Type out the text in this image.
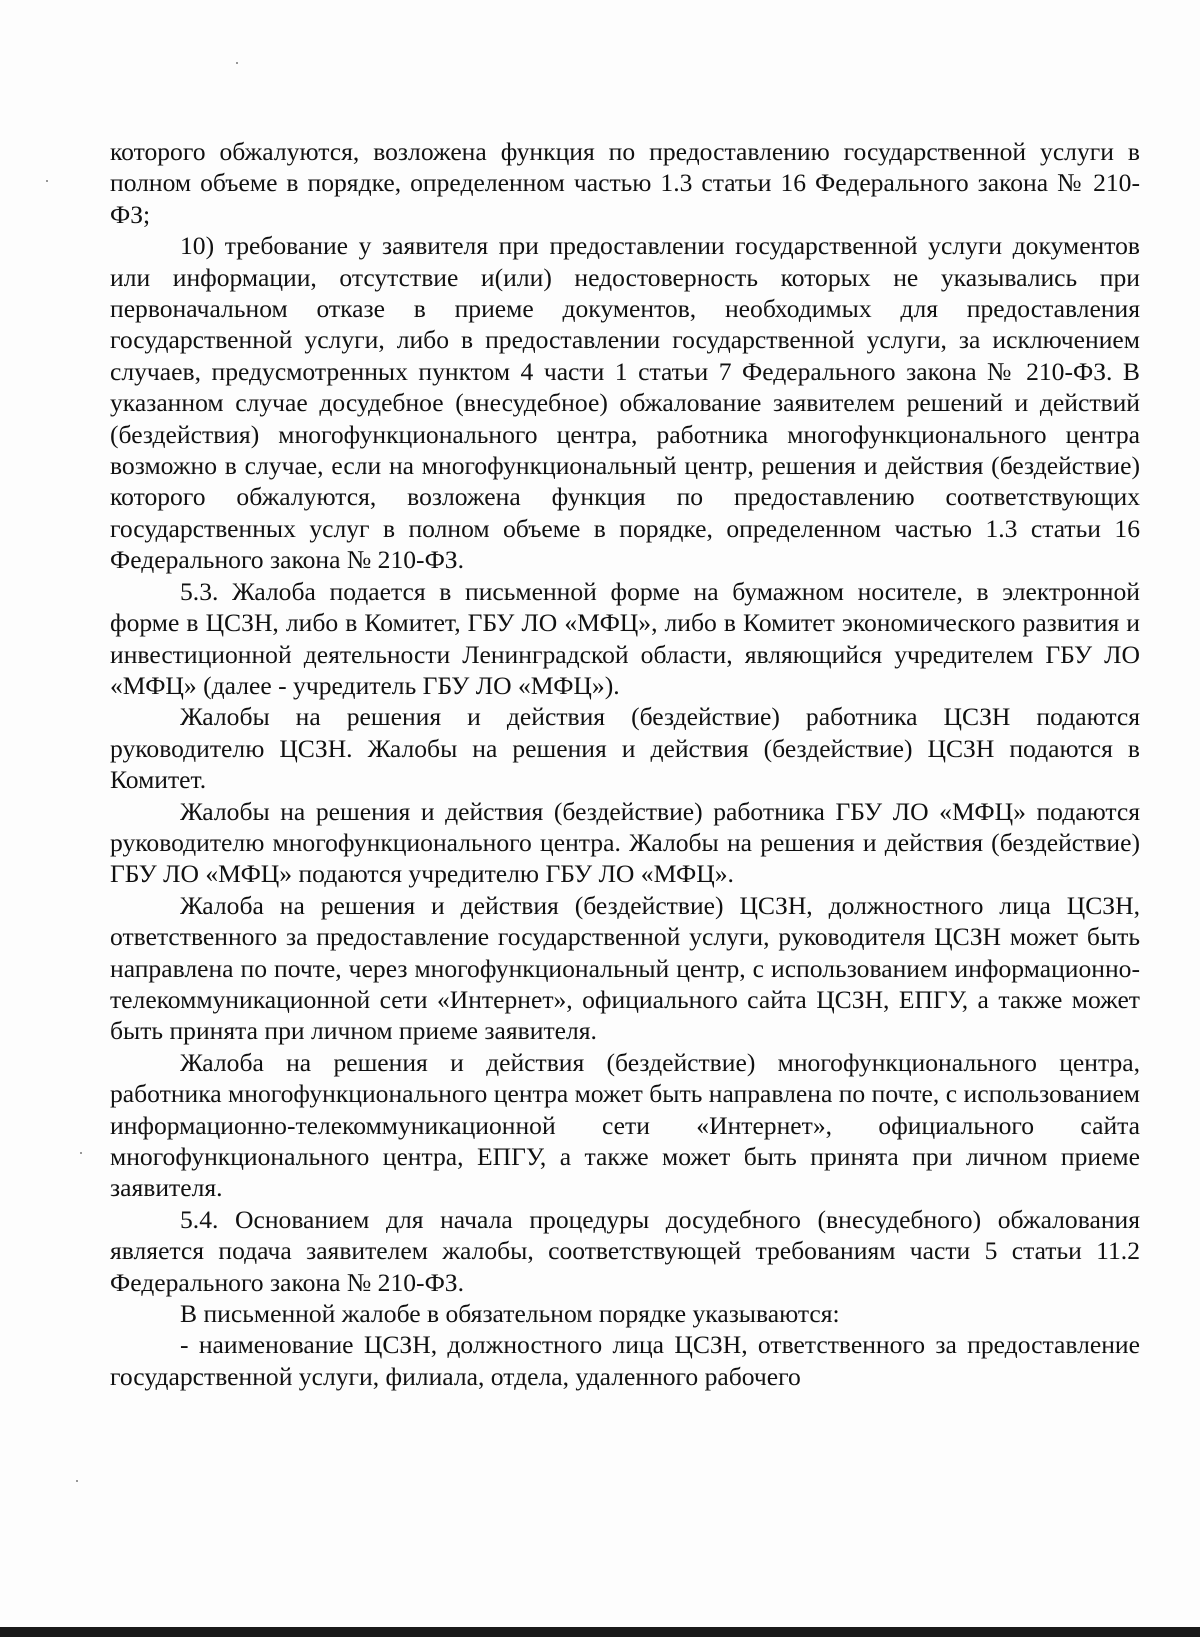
которого обжалуются, возложена функция по предоставлению государственной услуги в полном объеме в порядке, определенном частью 1.3 статьи 16 Федерального закона № 210-ФЗ;

10) требование у заявителя при предоставлении государственной услуги документов или информации, отсутствие и(или) недостоверность которых не указывались при первоначальном отказе в приеме документов, необходимых для предоставления государственной услуги, либо в предоставлении государственной услуги, за исключением случаев, предусмотренных пунктом 4 части 1 статьи 7 Федерального закона № 210-ФЗ. В указанном случае досудебное (внесудебное) обжалование заявителем решений и действий (бездействия) многофункционального центра, работника многофункционального центра возможно в случае, если на многофункциональный центр, решения и действия (бездействие) которого обжалуются, возложена функция по предоставлению соответствующих государственных услуг в полном объеме в порядке, определенном частью 1.3 статьи 16 Федерального закона № 210-ФЗ.

5.3. Жалоба подается в письменной форме на бумажном носителе, в электронной форме в ЦСЗН, либо в Комитет, ГБУ ЛО «МФЦ», либо в Комитет экономического развития и инвестиционной деятельности Ленинградской области, являющийся учредителем ГБУ ЛО «МФЦ» (далее - учредитель ГБУ ЛО «МФЦ»).

Жалобы на решения и действия (бездействие) работника ЦСЗН подаются руководителю ЦСЗН. Жалобы на решения и действия (бездействие) ЦСЗН подаются в Комитет.

Жалобы на решения и действия (бездействие) работника ГБУ ЛО «МФЦ» подаются руководителю многофункционального центра. Жалобы на решения и действия (бездействие) ГБУ ЛО «МФЦ» подаются учредителю ГБУ ЛО «МФЦ».

Жалоба на решения и действия (бездействие) ЦСЗН, должностного лица ЦСЗН, ответственного за предоставление государственной услуги, руководителя ЦСЗН может быть направлена по почте, через многофункциональный центр, с использованием информационно-телекоммуникационной сети «Интернет», официального сайта ЦСЗН, ЕПГУ, а также может быть принята при личном приеме заявителя.

Жалоба на решения и действия (бездействие) многофункционального центра, работника многофункционального центра может быть направлена по почте, с использованием информационно-телекоммуникационной сети «Интернет», официального сайта многофункционального центра, ЕПГУ, а также может быть принята при личном приеме заявителя.

5.4. Основанием для начала процедуры досудебного (внесудебного) обжалования является подача заявителем жалобы, соответствующей требованиям части 5 статьи 11.2 Федерального закона № 210-ФЗ.

В письменной жалобе в обязательном порядке указываются:

- наименование ЦСЗН, должностного лица ЦСЗН, ответственного за предоставление государственной услуги, филиала, отдела, удаленного рабочего
